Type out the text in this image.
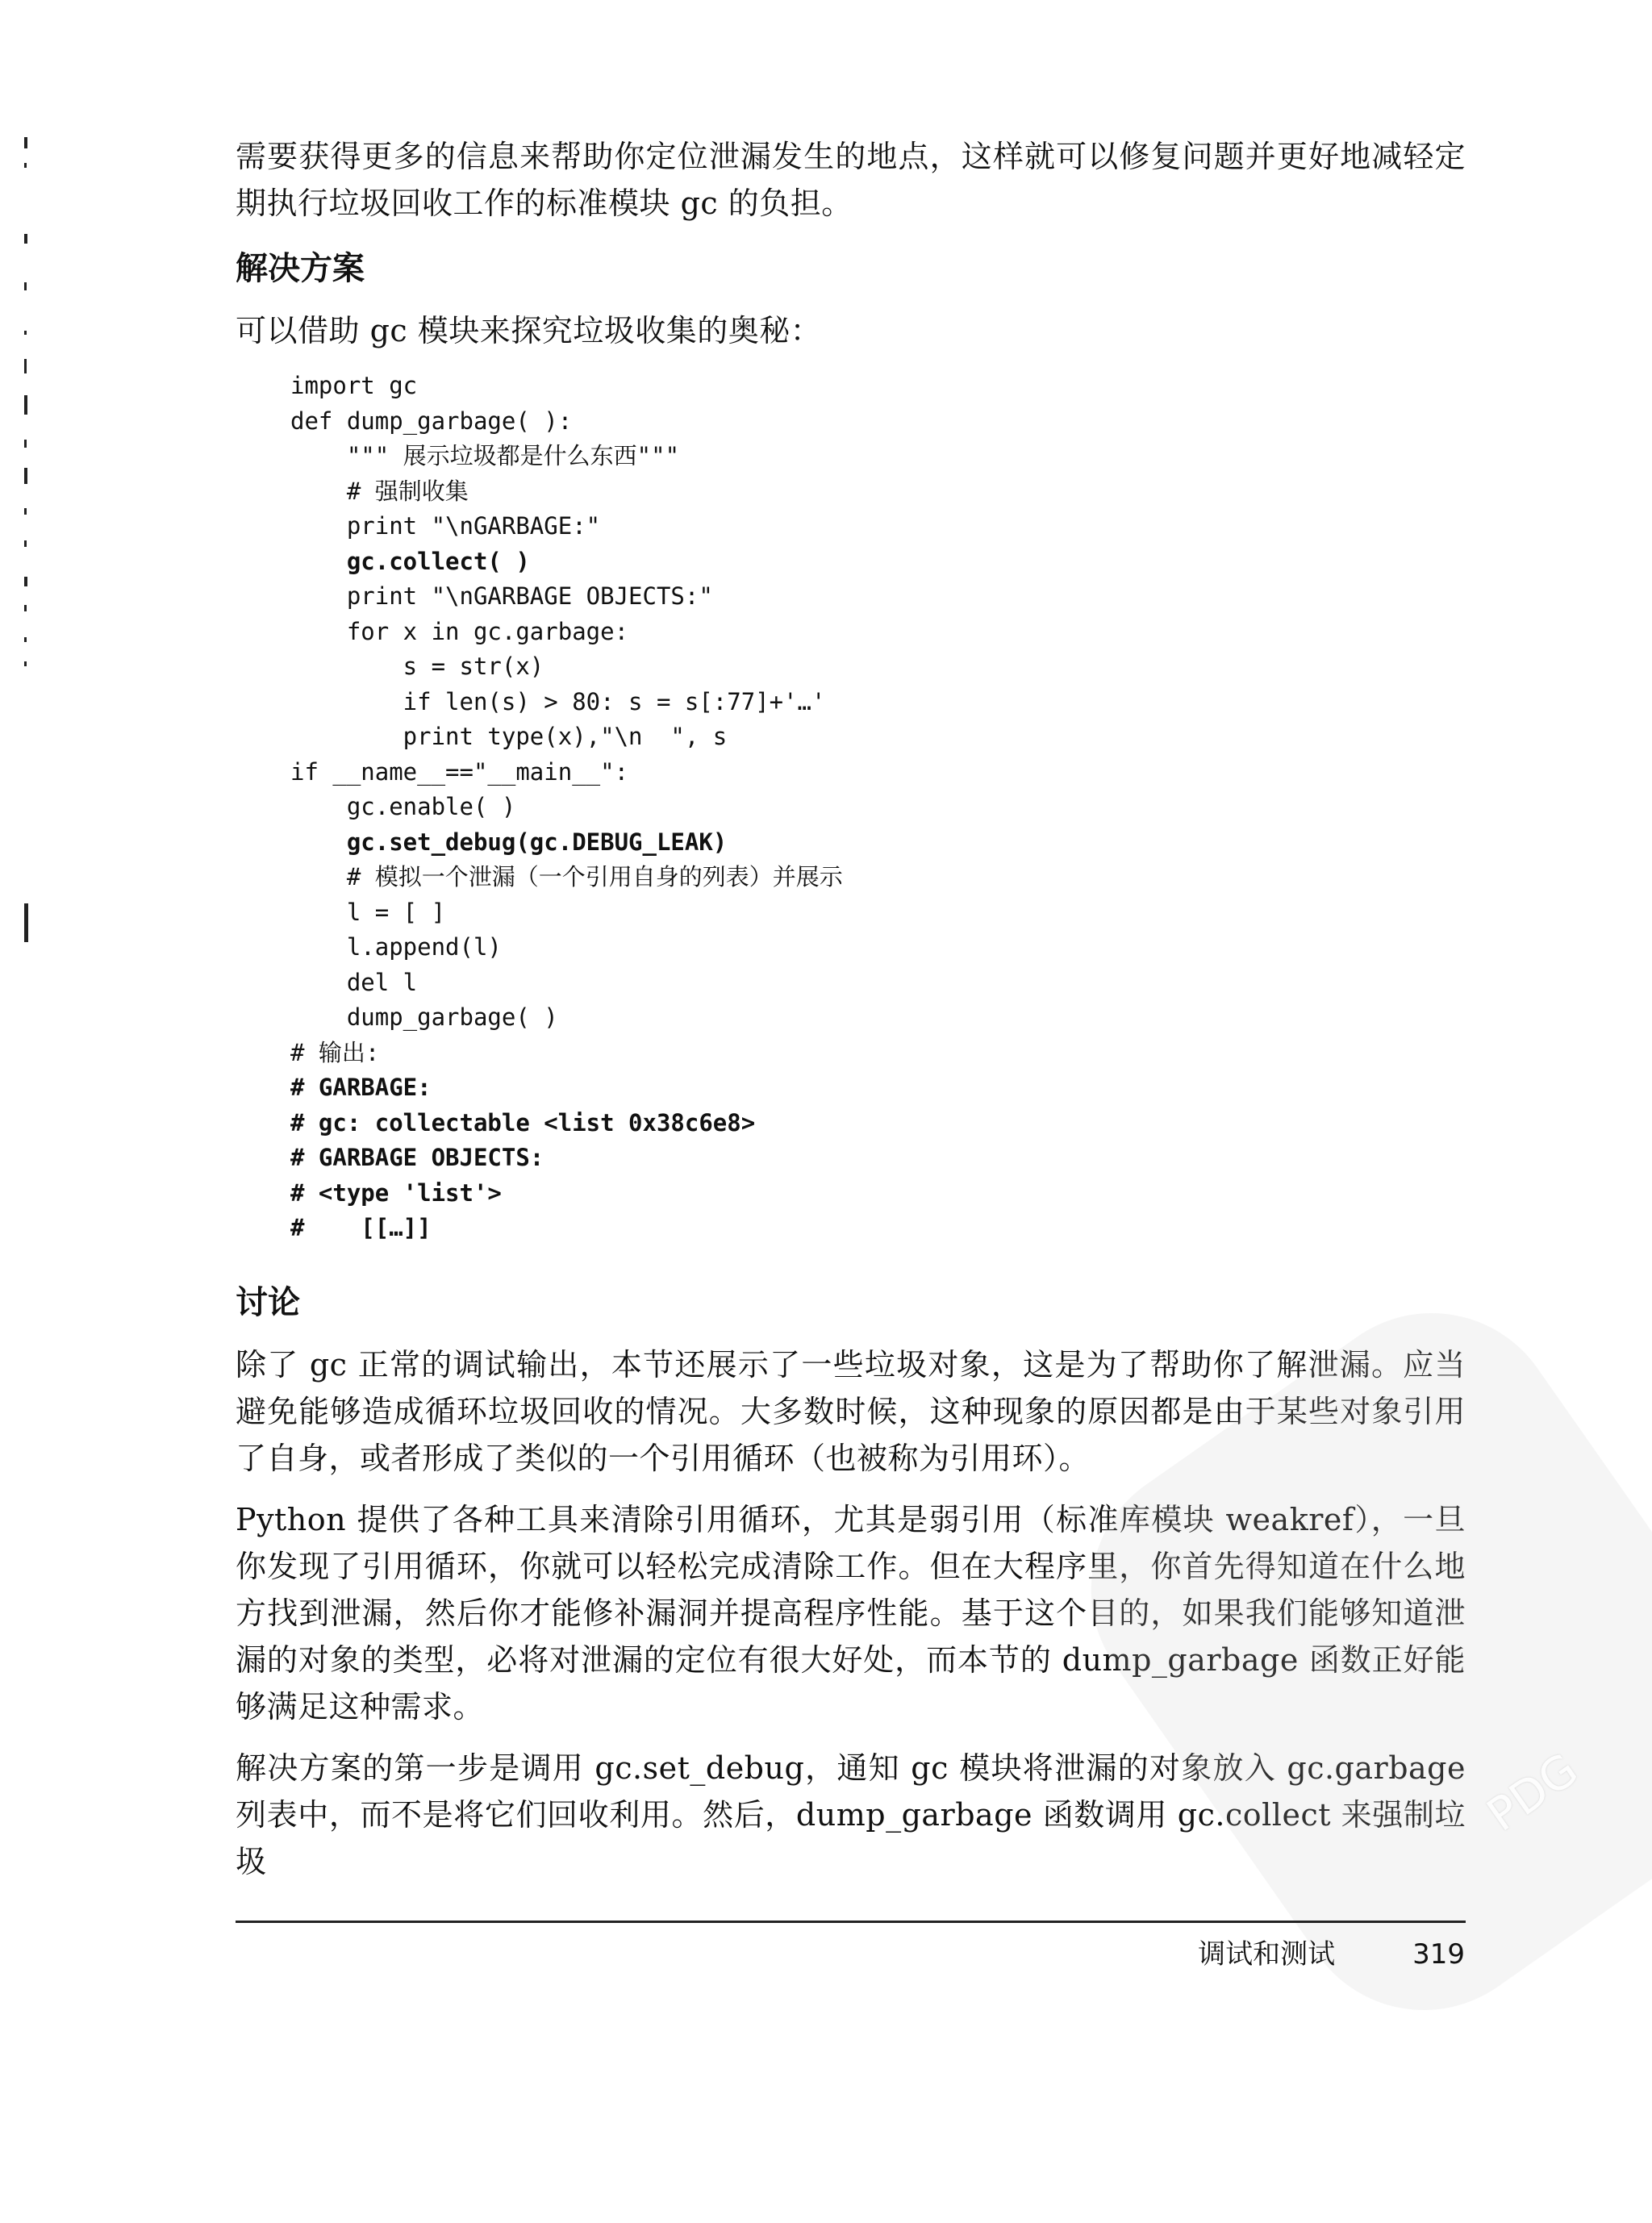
需要获得更多的信息来帮助你定位泄漏发生的地点，这样就可以修复问题并更好地减轻定期执行垃圾回收工作的标准模块 gc 的负担。

解决方案

可以借助 gc 模块来探究垃圾收集的奥秘：

import gc
def dump_garbage( ):
""" 展示垃圾都是什么东西"""
# 强制收集
print "\nGARBAGE:"
gc.collect( )
print "\nGARBAGE OBJECTS:"
for x in gc.garbage:
s = str(x)
if len(s) > 80: s = s[:77]+'…'
print type(x),"\n  ", s
if __name__=="__main__":
gc.enable( )
gc.set_debug(gc.DEBUG_LEAK)
# 模拟一个泄漏（一个引用自身的列表）并展示
l = [ ]
l.append(l)
del l
dump_garbage( )
# 输出:
# GARBAGE:
# gc: collectable <list 0x38c6e8>
# GARBAGE OBJECTS:
# <type 'list'>
#    [[…]]
讨论

除了 gc 正常的调试输出，本节还展示了一些垃圾对象，这是为了帮助你了解泄漏。应当避免能够造成循环垃圾回收的情况。大多数时候，这种现象的原因都是由于某些对象引用了自身，或者形成了类似的一个引用循环（也被称为引用环）。

Python 提供了各种工具来清除引用循环，尤其是弱引用（标准库模块 weakref），一旦你发现了引用循环，你就可以轻松完成清除工作。但在大程序里，你首先得知道在什么地方找到泄漏，然后你才能修补漏洞并提高程序性能。基于这个目的，如果我们能够知道泄漏的对象的类型，必将对泄漏的定位有很大好处，而本节的 dump_garbage 函数正好能够满足这种需求。

解决方案的第一步是调用 gc.set_debug，通知 gc 模块将泄漏的对象放入 gc.garbage 列表中，而不是将它们回收利用。然后，dump_garbage 函数调用 gc.collect 来强制垃圾

PDG
调试和测试	319
